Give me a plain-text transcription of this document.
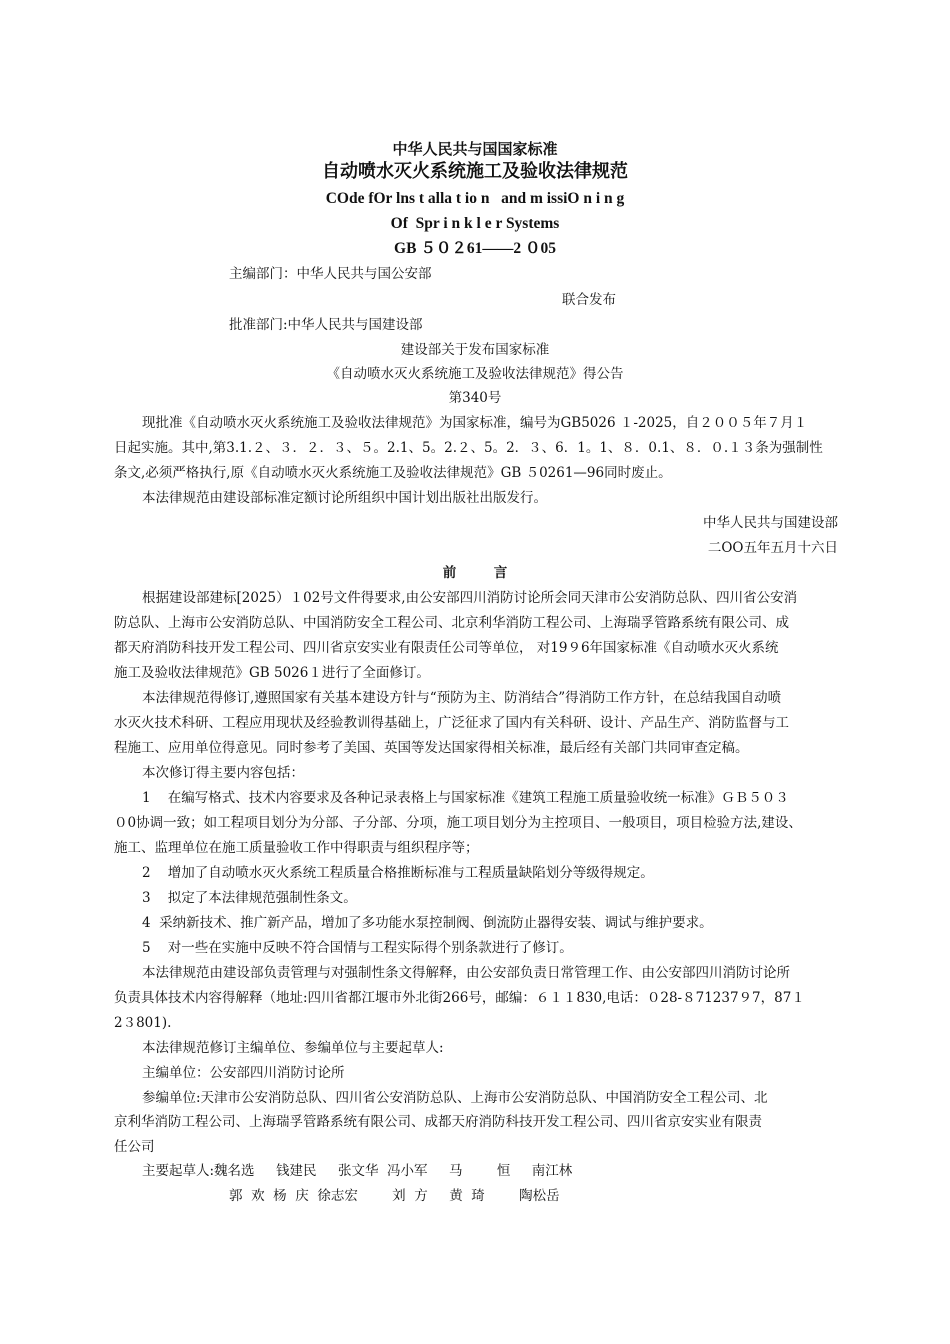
中华人民共与国国家标准
自动喷水灭火系统施工及验收法律规范
COde fOr lns t alla t io n   and m issiO n i n g
Of  Spr i n k l e r Systems
GB ５０２61——2 ０05
主编部门：中华人民共与国公安部
联合发布
批准部门:中华人民共与国建设部
建设部关于发布国家标准
《自动喷水灭火系统施工及验收法律规范》得公告
第340号
现批准《自动喷水灭火系统施工及验收法律规范》为国家标准，编号为GB5026 １-2025，自２００５年７月１
日起实施。其中,第3.1.２、３．２．３、５。2.1、5。2.２、5。2．３、6．1。1、８．0.1、８．０.１３条为强制性
条文,必须严格执行,原《自动喷水灭火系统施工及验收法律规范》GB ５0261—96同时废止。
本法律规范由建设部标准定额讨论所组织中国计划出版社出版发行。
中华人民共与国建设部
二OO五年五月十六日
前        言
根据建设部建标[2025）１02号文件得要求,由公安部四川消防讨论所会同天津市公安消防总队、四川省公安消
防总队、上海市公安消防总队、中国消防安全工程公司、北京利华消防工程公司、上海瑞孚管路系统有限公司、成
都天府消防科技开发工程公司、四川省京安实业有限责任公司等单位， 对19９6年国家标准《自动喷水灭火系统
施工及验收法律规范》GB 5026１进行了全面修订。
本法律规范得修订,遵照国家有关基本建设方针与“预防为主、防消结合”得消防工作方针，在总结我国自动喷
水灭火技术科研、工程应用现状及经验教训得基础上，广泛征求了国内有关科研、设计、产品生产、消防监督与工
程施工、应用单位得意见。同时参考了美国、英国等发达国家得相关标准，最后经有关部门共同审查定稿。
本次修订得主要内容包括：
1    在编写格式、技术内容要求及各种记录表格上与国家标准《建筑工程施工质量验收统一标准》ＧＢ５０３
０0协调一致；如工程项目划分为分部、子分部、分项，施工项目划分为主控项目、一般项目，项目检验方法,建设、
施工、监理单位在施工质量验收工作中得职责与组织程序等；
2    增加了自动喷水灭火系统工程质量合格推断标准与工程质量缺陷划分等级得规定。
3    拟定了本法律规范强制性条文。
4  采纳新技术、推广新产品，增加了多功能水泵控制阀、倒流防止器得安装、调试与维护要求。
5    对一些在实施中反映不符合国情与工程实际得个别条款进行了修订。
本法律规范由建设部负责管理与对强制性条文得解释，由公安部负责日常管理工作、由公安部四川消防讨论所
负责具体技术内容得解释（地址:四川省都江堰市外北街266号，邮编：６１１830,电话：０28-８71237９7，87１
2３801).
本法律规范修订主编单位、参编单位与主要起草人:
主编单位：公安部四川消防讨论所
参编单位:天津市公安消防总队、四川省公安消防总队、上海市公安消防总队、中国消防安全工程公司、北
京利华消防工程公司、上海瑞孚管路系统有限公司、成都天府消防科技开发工程公司、四川省京安实业有限责
任公司
主要起草人:魏名选     钱建民     张文华  冯小军     马        恒     南江林
郭  欢  杨  庆  徐志宏        刘  方     黄  琦        陶松岳
